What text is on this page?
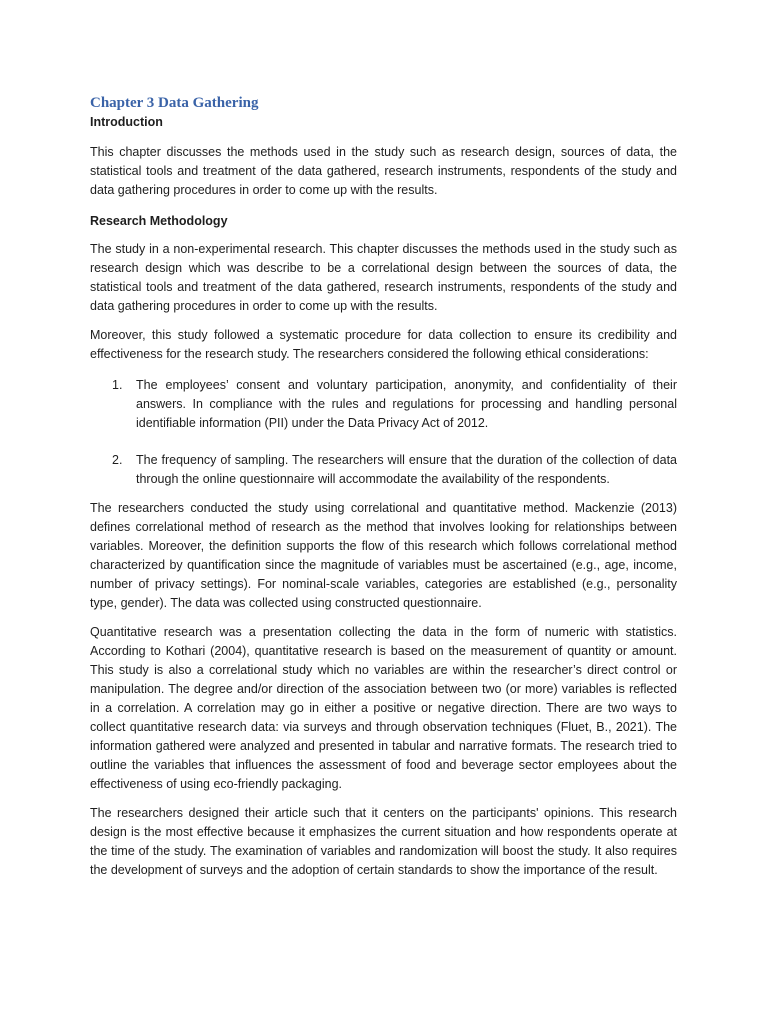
Chapter 3 Data Gathering
Introduction

This chapter discusses the methods used in the study such as research design, sources of data, the statistical tools and treatment of the data gathered, research instruments, respondents of the study and data gathering procedures in order to come up with the results.

Research Methodology

The study in a non-experimental research. This chapter discusses the methods used in the study such as research design which was describe to be a correlational design between the sources of data, the statistical tools and treatment of the data gathered, research instruments, respondents of the study and data gathering procedures in order to come up with the results.

Moreover, this study followed a systematic procedure for data collection to ensure its credibility and effectiveness for the research study. The researchers considered the following ethical considerations:

1. The employees’ consent and voluntary participation, anonymity, and confidentiality of their answers. In compliance with the rules and regulations for processing and handling personal identifiable information (PII) under the Data Privacy Act of 2012.
2. The frequency of sampling. The researchers will ensure that the duration of the collection of data through the online questionnaire will accommodate the availability of the respondents.

The researchers conducted the study using correlational and quantitative method. Mackenzie (2013) defines correlational method of research as the method that involves looking for relationships between variables. Moreover, the definition supports the flow of this research which follows correlational method characterized by quantification since the magnitude of variables must be ascertained (e.g., age, income, number of privacy settings). For nominal-scale variables, categories are established (e.g., personality type, gender). The data was collected using constructed questionnaire.

Quantitative research was a presentation collecting the data in the form of numeric with statistics. According to Kothari (2004), quantitative research is based on the measurement of quantity or amount. This study is also a correlational study which no variables are within the researcher’s direct control or manipulation. The degree and/or direction of the association between two (or more) variables is reflected in a correlation. A correlation may go in either a positive or negative direction. There are two ways to collect quantitative research data: via surveys and through observation techniques (Fluet, B., 2021). The information gathered were analyzed and presented in tabular and narrative formats. The research tried to outline the variables that influences the assessment of food and beverage sector employees about the effectiveness of using eco-friendly packaging.

The researchers designed their article such that it centers on the participants' opinions. This research design is the most effective because it emphasizes the current situation and how respondents operate at the time of the study. The examination of variables and randomization will boost the study. It also requires the development of surveys and the adoption of certain standards to show the importance of the result.
